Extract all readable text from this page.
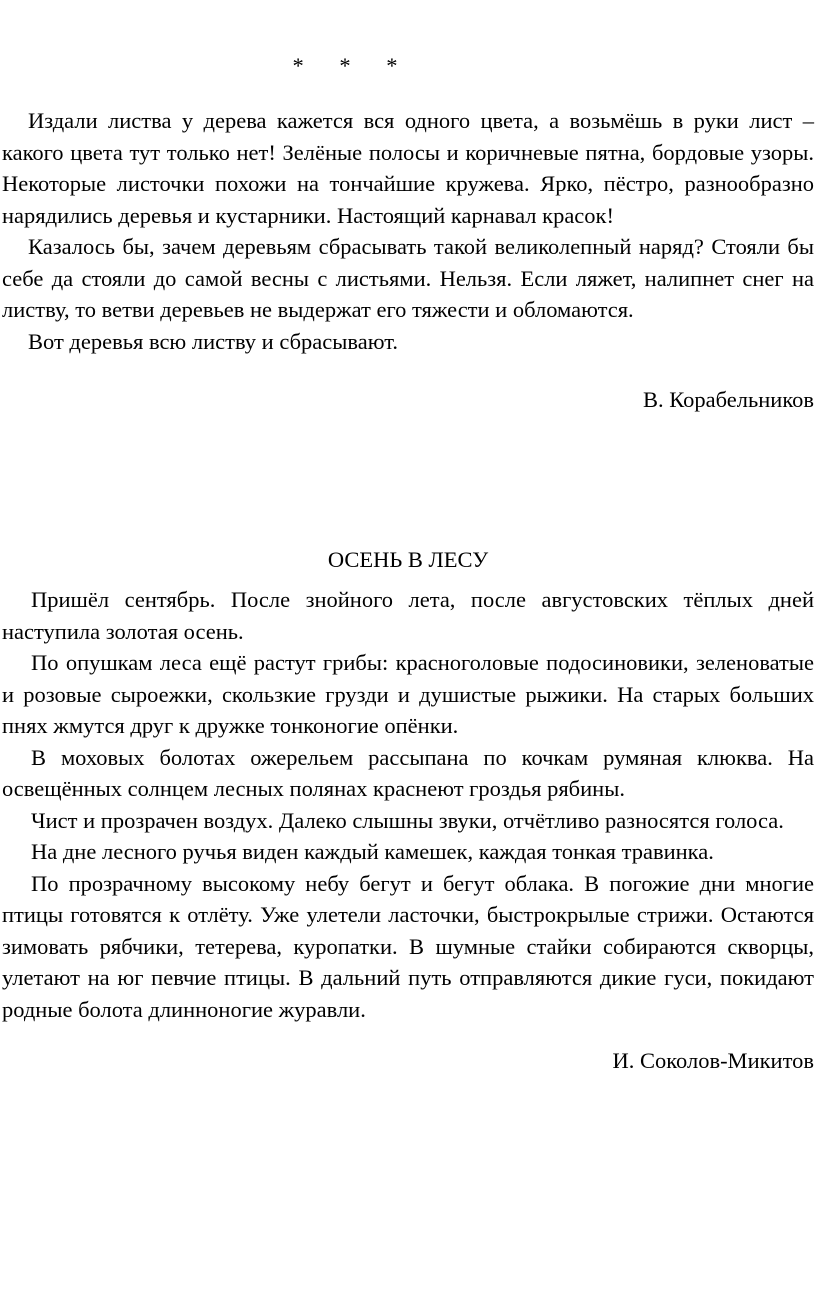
* * *

Издали листва у дерева кажется вся одного цвета, а возьмёшь в руки лист – какого цвета тут только нет! Зелёные полосы и коричневые пятна, бордовые узоры. Некоторые листочки похожи на тончайшие кружева. Ярко, пёстро, разнообразно нарядились деревья и кустарники. Настоящий карнавал красок!

Казалось бы, зачем деревьям сбрасывать такой великолепный наряд? Стояли бы себе да стояли до самой весны с листьями. Нельзя. Если ляжет, налипнет снег на листву, то ветви деревьев не выдержат его тяжести и обломаются.

Вот деревья всю листву и сбрасывают.

В. Корабельников
ОСЕНЬ В ЛЕСУ

Пришёл сентябрь. После знойного лета, после августовских тёплых дней наступила золотая осень.

По опушкам леса ещё растут грибы: красноголовые подосиновики, зеленоватые и розовые сыроежки, скользкие грузди и душистые рыжики. На старых больших пнях жмутся друг к дружке тонконогие опёнки.

В моховых болотах ожерельем рассыпана по кочкам румяная клюква. На освещённых солнцем лесных полянах краснеют гроздья рябины.

Чист и прозрачен воздух. Далеко слышны звуки, отчётливо разносятся голоса.

На дне лесного ручья виден каждый камешек, каждая тонкая травинка.

По прозрачному высокому небу бегут и бегут облака. В погожие дни многие птицы готовятся к отлёту. Уже улетели ласточки, быстрокрылые стрижи. Остаются зимовать рябчики, тетерева, куропатки. В шумные стайки собираются скворцы, улетают на юг певчие птицы. В дальний путь отправляются дикие гуси, покидают родные болота длинноногие журавли.

И. Соколов-Микитов
